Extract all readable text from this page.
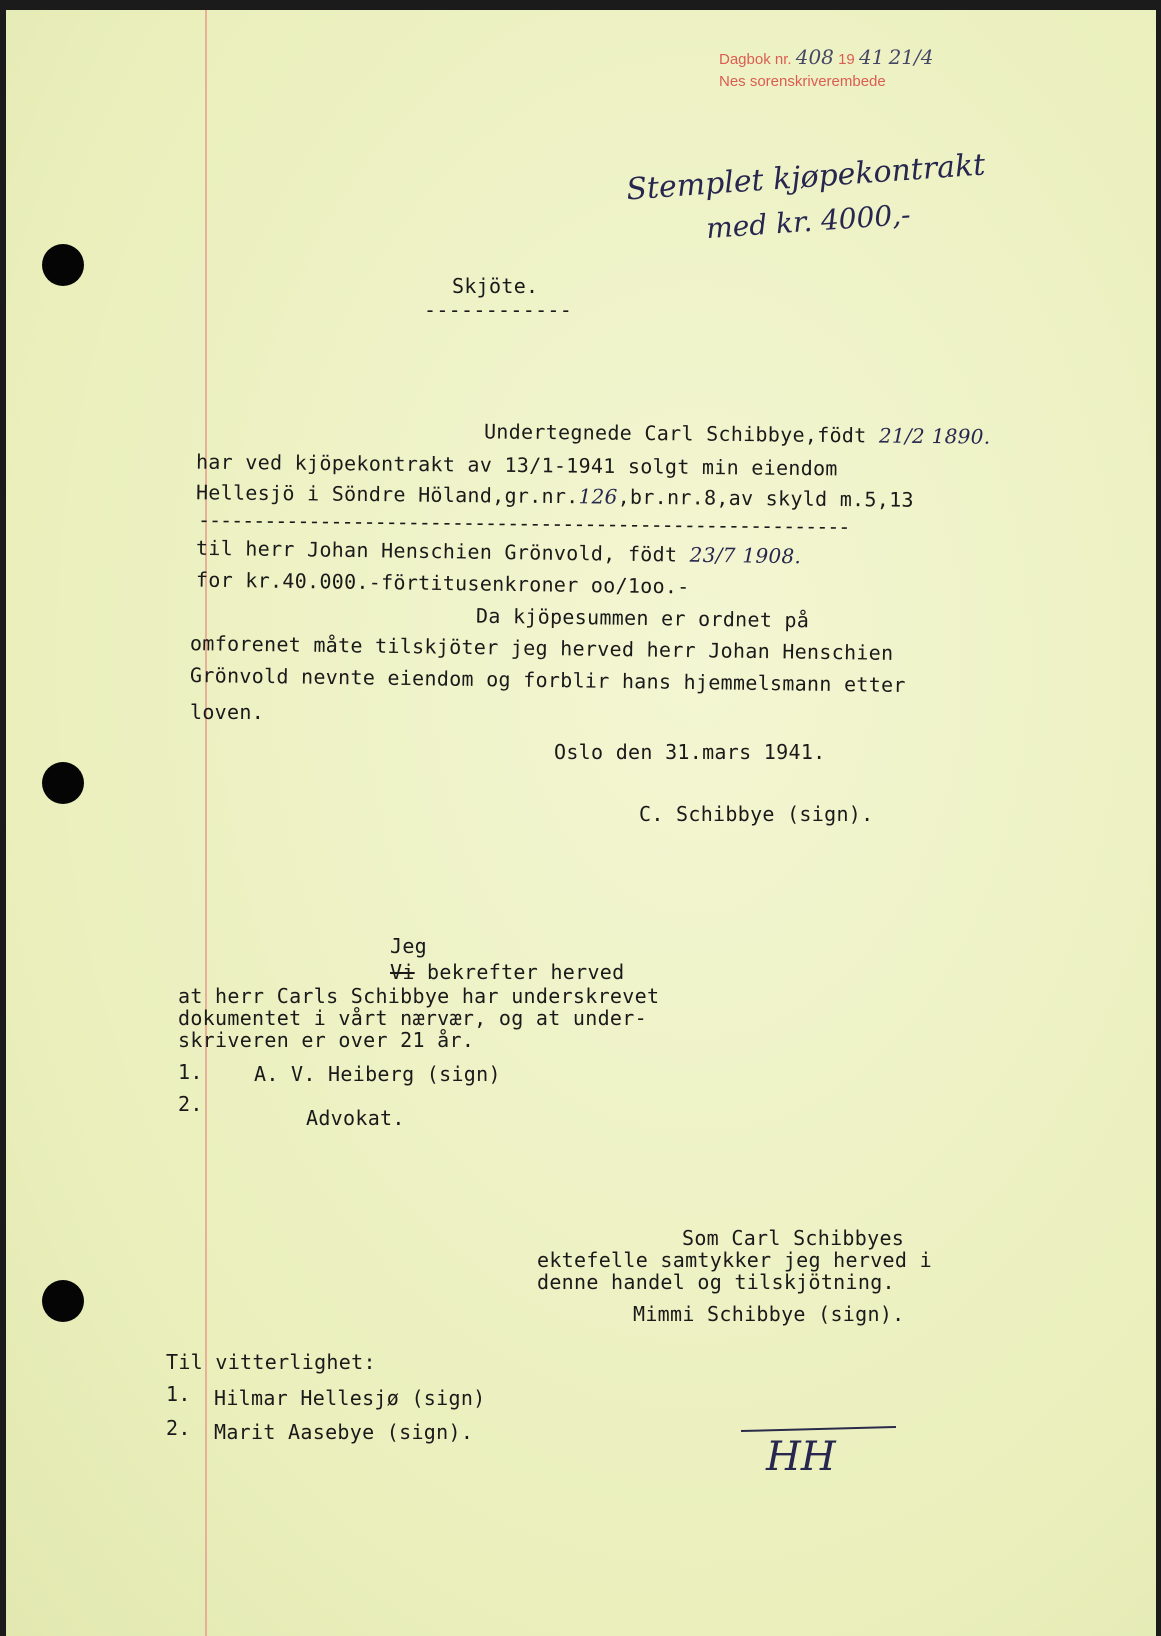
Dagbok nr. 408 19 41 21/4
Nes sorenskriverembede
Stemplet kjøpekontrakt
med kr. 4000,-
Skjöte.
------------
Undertegnede Carl Schibbye,födt 21/2 1890.
har ved kjöpekontrakt av 13/1-1941 solgt min eiendom
Hellesjö i Söndre Höland,gr.nr.126,br.nr.8,av skyld m.5,13
-----------------------------------------------------------
til herr Johan Henschien Grönvold, födt 23/7 1908.
for kr.40.000.-förtitusenkroner oo/1oo.-
Da kjöpesummen er ordnet på
omforenet måte tilskjöter jeg herved herr Johan Henschien
Grönvold nevnte eiendom og forblir hans hjemmelsmann etter
loven.
Oslo den 31.mars 1941.
C. Schibbye (sign).
Jeg
Vi bekrefter herved
at herr Carls Schibbye har underskrevet
dokumentet i vårt nærvær, og at under-
skriveren er over 21 år.
1.	A. V. Heiberg (sign)
2.
Advokat.
Som Carl Schibbyes
ektefelle samtykker jeg herved i
denne handel og tilskjötning.
Mimmi Schibbye (sign).
Til vitterlighet:
1. Hilmar Hellesjø (sign)
2. Marit Aasebye (sign).
HH
